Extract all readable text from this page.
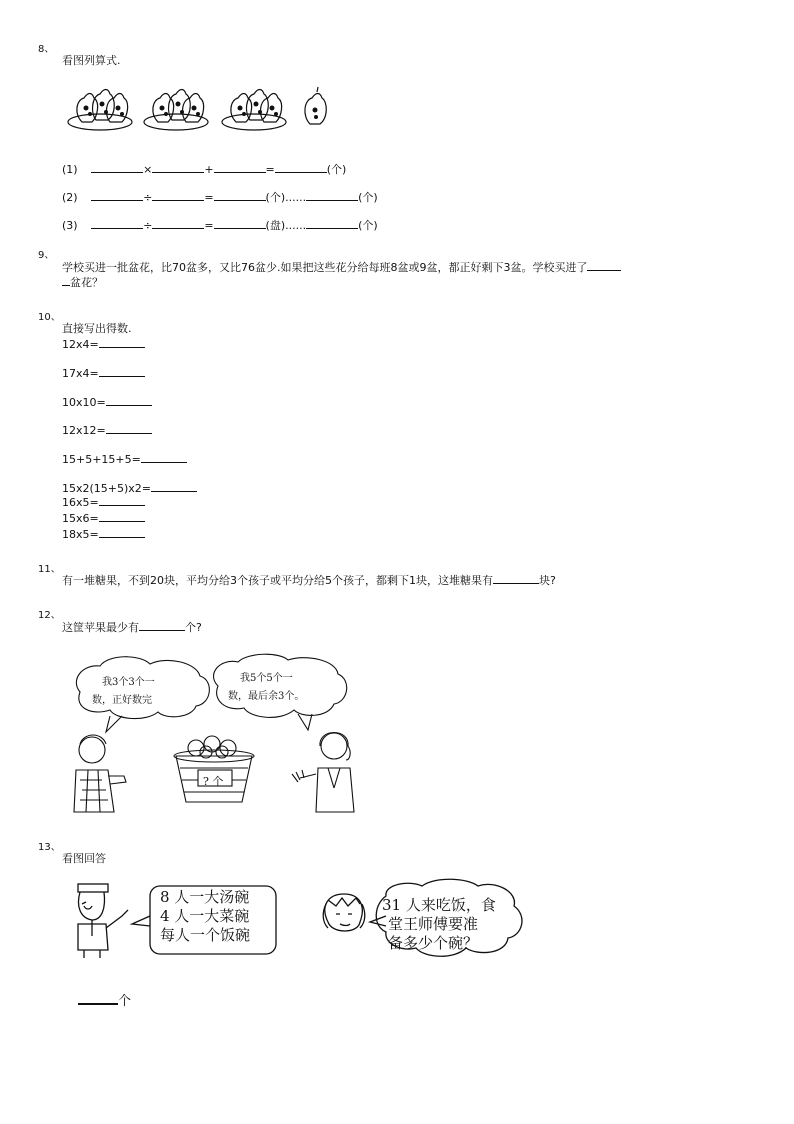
8、
看图列算式.
(1)	×	+	=	(个)
(2)	÷	=	(个)......	(个)
(3)	÷	=	(盘)......	(个)
9、
学校买进一批盆花，比70盆多，又比76盆少.如果把这些花分给每班8盆或9盆，都正好剩下3盆。学校买进了
盆花？
10、
直接写出得数.
12x4=
17x4=
10x10=
12x12=
15+5+15+5=
15x2(15+5)x2=
16x5=
15x6=
18x5=
11、
有一堆糖果，不到20块，平均分给3个孩子或平均分给5个孩子，都剩下1块，这堆糖果有	块?
12、
这筐苹果最少有	个?
我3个3个一
数，正好数完
我5个5个一
数，最后余3个。
? 个
13、
看图回答
8 人一大汤碗
4 人一大菜碗
每人一个饭碗
31 人来吃饭，食
堂王师傅要准
备多少个碗？
个
